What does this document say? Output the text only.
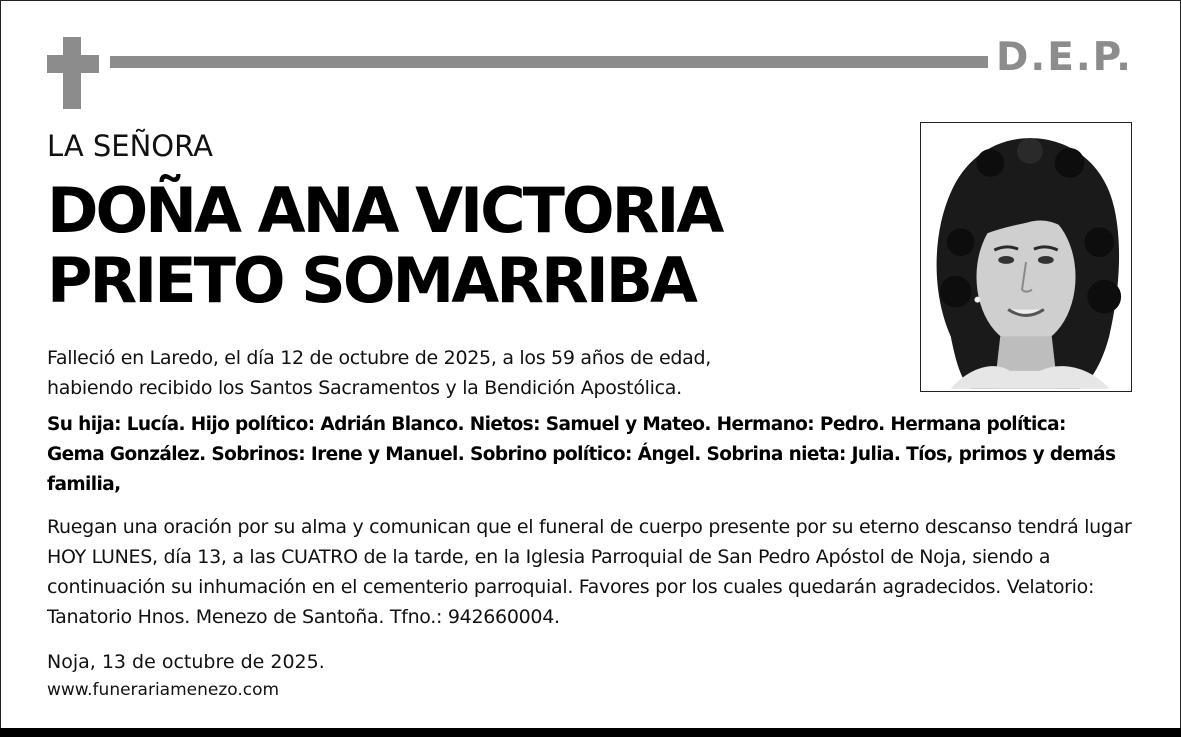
D.E.P.
LA SEÑORA
DOÑA ANA VICTORIA
PRIETO SOMARRIBA
Falleció en Laredo, el día 12 de octubre de 2025, a los 59 años de edad,
habiendo recibido los Santos Sacramentos y la Bendición Apostólica.
Su hija: Lucía. Hijo político: Adrián Blanco. Nietos: Samuel y Mateo. Hermano: Pedro. Hermana política: Gema González. Sobrinos: Irene y Manuel. Sobrino político: Ángel. Sobrina nieta: Julia. Tíos, primos y demás familia,
Ruegan una oración por su alma y comunican que el funeral de cuerpo presente por su eterno descanso tendrá lugar HOY LUNES, día 13, a las CUATRO de la tarde, en la Iglesia Parroquial de San Pedro Apóstol de Noja, siendo a continuación su inhumación en el cementerio parroquial. Favores por los cuales quedarán agradecidos. Velatorio: Tanatorio Hnos. Menezo de Santoña. Tfno.: 942660004.
Noja, 13 de octubre de 2025.
www.funerariamenezo.com
